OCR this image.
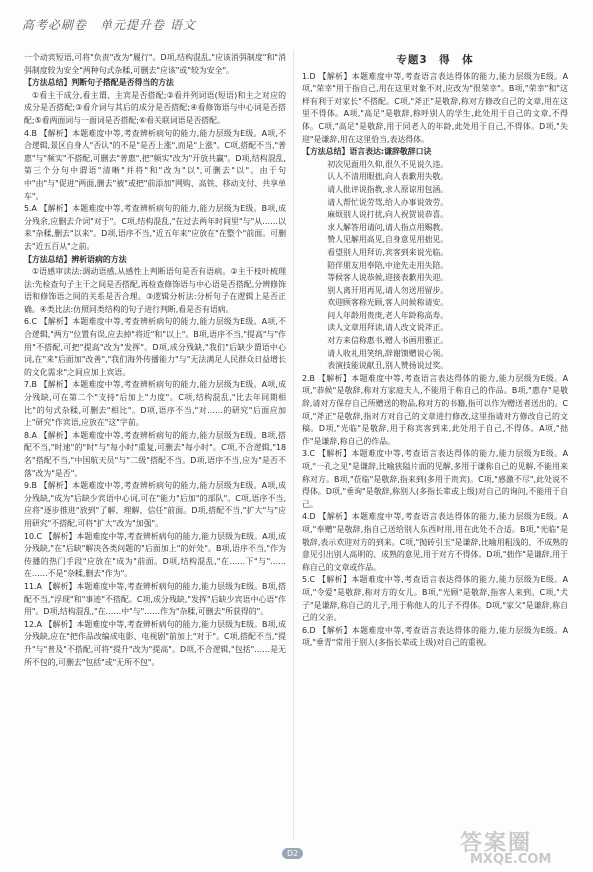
高考必刷卷　单元提升卷 语文

一个动宾短语,可将"负责"改为"履行"。D项,结构混乱,"应该消弭制度"和"消弭制度较为安全"两种句式杂糅,可删去"应该"或"较为安全"。

【方法总结】判断句子搭配是否得当的方法

①看主干成分,看主谓、主宾是否搭配;②看并列词语(短语)和主之对应的成分是否搭配;③看介词与其后的成分是否搭配;④看修饰语与中心词是否搭配;⑤看两面词与一面词是否搭配;⑥看关联词语是否搭配。

4.B 【解析】本题难度中等,考查辨析病句的能力,能力层级为E级。A项,不合逻辑,景区自身人"否认"的不是"是否上涨",而是"上涨"。C项,搭配不当,"普惠"与"频实"不搭配,可删去"普惠",把"频实"改为"开放共赢"。D项,结构混乱,第三个分句中谓语"清晰"并将"和"改为"以",可删去"以"。由于句中"由"与"促进"两面,删去"被"或把"前添加"网购、高铁、移动支付、共享单车"。

5.A 【解析】本题难度中等,考查辨析病句的能力,能力层级为E级。B项,成分残余,应删去介词"对于"。C项,结构混乱,"在过去两年时间里"与"从……以来"杂糅,删去"以来"。D项,语序不当,"近五年来"应放在"在整个"前面。可删去"近五百从"之前。

【方法总结】辨析语病的方法

①语感审读法:调动语感,从感性上判断语句是否有语病。②主干枝叶梳理法:先检查句子主干之间是否搭配,再检查修饰语与中心语是否搭配,分辨修饰语和修饰语之间的关系是否合理。③逻辑分析法:分析句子在逻辑上是否正确。④类比法:仿照同类结构的句子进行判断,看是否有语病。

6.C 【解析】本题难度中等,考查辨析病句的能力,能力层级为E级。A项,不合逻辑,"两方"位置有误,应去掉"将近"和"以上"。B项,语序不当,"提高"与"作用"不搭配,可把"提高"改为"发挥"。D项,成分残缺,"我们"后缺少谓语中心词,在"来"后面加"改善","我们海外传播能力"与"无法满足人民群众日益增长的文化需求"之间应加上宾语。

7.B 【解析】本题难度中等,考查辨析病句的能力,能力层级为E级。A项,成分残缺,可在第二个"支持"后加上"力度"。C项,结构混乱,"比去年同期相比"的句式杂糅,可删去"相比"。D项,语序不当,"对……的研究"后面应加上"研究"作宾语,应放在"这"字前。

8.A 【解析】本题难度中等,考查辨析病句的能力,能力层级为E级。B项,搭配不当,"时速"的"时"与"每小时"重复,可删去"每小时"。C项,不合逻辑,"18名"搭配不当,"中国航天员"与"二级"搭配不当。D项,语序不当,应为"是否不落"改为"是否"。

9.B 【解析】本题难度中等,考查辨析病句的能力,能力层级为E级。A项,成分残缺,"成为"后缺少宾语中心词,可在"能力"后加"的部队"。C项,语序不当,应将"逐步推进"放到"了解、理解、信任"前面。D项,搭配不当,"扩大"与"应用研究"不搭配,可将"扩大"改为"加强"。

10.C 【解析】本题难度中等,考查辨析病句的能力,能力层级为E级。A项,成分残缺,"在"后缺"解决各类问题的"后面加上"的好处"。B项,语序不当,"作为传播的热门手段"应放在"成为"前面。D项,结构混乱,"在……下"与"……在……不是"杂糅,删去"作为"。

11.A 【解析】本题难度中等,考查辨析病句的能力,能力层级为E级。B项,搭配不当,"浮现"和"事迹"不搭配。C项,成分残缺,"发挥"后缺少宾语中心语"作用"。D项,结构混乱,"在……中"与"……作为"杂糅,可删去"所获得的"。

12.A 【解析】本题难度中等,考查辨析病句的能力,能力层级为E级。B项,成分残缺,应在"把作品改编成电影、电视剧"前加上"对于"。C项,搭配不当,"提升"与"普及"不搭配,可将"提升"改为"提高"。D项,不合逻辑,"包括"……是无所不包的,可删去"包括"或"无所不包"。

专题3　得　体

1.D 【解析】本题难度中等,考查语言表达得体的能力,能力层级为E级。A项,"荣幸"用于指自己,用在这里对象不对,应改为"很荣幸"。B项,"荣幸"和"这样有利于对家长"不搭配。C项,"斧正"是敬辞,称对方修改自己的文章,用在这里不得体。A项,"高足"是敬辞,称呼别人的学生,此处用于自己的文章,不得体。C项,"高足"是敬辞,用于同老人的年龄,此处用于自己,不得体。D项,"失迎"是谦辞,用在这里恰当,表达得体。

【方法总结】语言表达:谦辞敬辞口诀

初次见面用久仰,很久不见说久违。

认人不清用眼拙,向人表歉用失敬。

请人批评说指教,求人原谅用包涵。

请人帮忙说劳驾,给人办事说效劳。

麻烦别人说打扰,向人祝贺说恭喜。

求人解答用请问,请人指点用赐教。

赞人见解用高见,自身意见用拙见。

看望别人用拜访,宾客到来说光临。

陪伴朋友用奉陪,中途先走用失陪。

等候客人说恭候,迎接表歉用失迎。

别人离开用再见,请人勿送用留步。

欢迎顾客称光顾,客人问候称请安。

问人年龄用贵庚,老人年龄称高寿。

读人文章用拜读,请人改文说斧正。

对方来信称惠书,赠人书画用雅正。

请人收礼用笑纳,辞谢馈赠说心领。

表演技能说献丑,别人赞扬说过奖。

2.B 【解析】本题难度中等,考查语言表达得体的能力,能力层级为E级。A项,"恭候"是敬辞,称对方家庭夫人,不能用于称自己的作品。B项,"惠存"是敬辞,请对方保存自己所赠送的物品,称对方的书籍,指可以作为赠送者送出的。C项,"斧正"是敬辞,指对方对自己的文章进行修改,这里指请对方修改自己的文稿。D项,"光临"是敬辞,用于称宾客到来,此处用于自己,不得体。A项,"拙作"是谦辞,称自己的作品。

3.C 【解析】本题难度中等,考查语言表达得体的能力,能力层级为E级。A项,"一孔之见"是谦辞,比喻狭隘片面的见解,多用于谦称自己的见解,不能用来称对方。B项,"莅临"是敬辞,指来到(多用于贵宾)。C项,"感激不尽",此处说不得体。D项,"垂询"是敬辞,称别人(多指长辈或上级)对自己的询问,不能用于自己。

4.D 【解析】本题难度中等,考查语言表达得体的能力,能力层级为E级。A项,"奉赠"是敬辞,指自己送给别人东西时用,用在此处不合适。B项,"光临"是敬辞,表示欢迎对方的到来。C项,"抛砖引玉"是谦辞,比喻用粗浅的、不成熟的意见引出别人高明的、成熟的意见,用于对方不得体。D项,"拙作"是谦辞,用于称自己的文章或作品。

5.C 【解析】本题难度中等,考查语言表达得体的能力,能力层级为E级。A项,"令爱"是敬辞,称对方的女儿。B项,"光顾"是敬辞,指客人来到。C项,"犬子"是谦辞,称自己的儿子,用于称他人的儿子不得体。D项,"家父"是谦辞,称自己的父亲。

6.D 【解析】本题难度中等,考查语言表达得体的能力,能力层级为E级。A项,"垂青"常用于别人(多指长辈或上级)对自己的重视。

D2	答案圈
MXQE.COM
